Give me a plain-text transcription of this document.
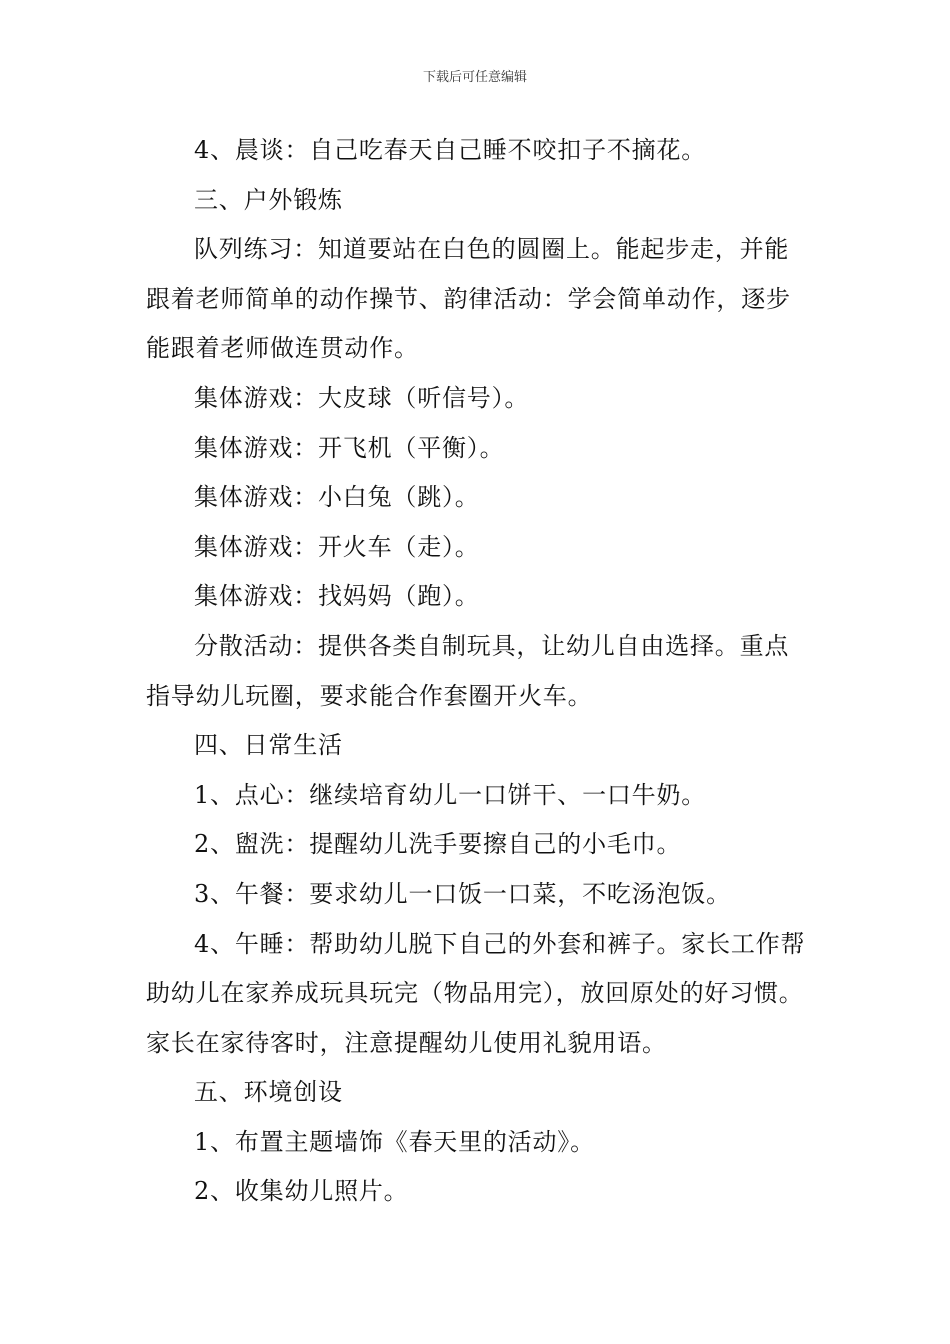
下载后可任意编辑

4、晨谈：自己吃春天自己睡不咬扣子不摘花。

三、户外锻炼

队列练习：知道要站在白色的圆圈上。能起步走，并能跟着老师简单的动作操节、韵律活动：学会简单动作，逐步能跟着老师做连贯动作。

集体游戏：大皮球（听信号）。

集体游戏：开飞机（平衡）。

集体游戏：小白兔（跳）。

集体游戏：开火车（走）。

集体游戏：找妈妈（跑）。

分散活动：提供各类自制玩具，让幼儿自由选择。重点指导幼儿玩圈，要求能合作套圈开火车。

四、日常生活

1、点心：继续培育幼儿一口饼干、一口牛奶。

2、盥洗：提醒幼儿洗手要擦自己的小毛巾。

3、午餐：要求幼儿一口饭一口菜，不吃汤泡饭。

4、午睡：帮助幼儿脱下自己的外套和裤子。家长工作帮助幼儿在家养成玩具玩完（物品用完），放回原处的好习惯。家长在家待客时，注意提醒幼儿使用礼貌用语。

五、环境创设

1、布置主题墙饰《春天里的活动》。

2、收集幼儿照片。
